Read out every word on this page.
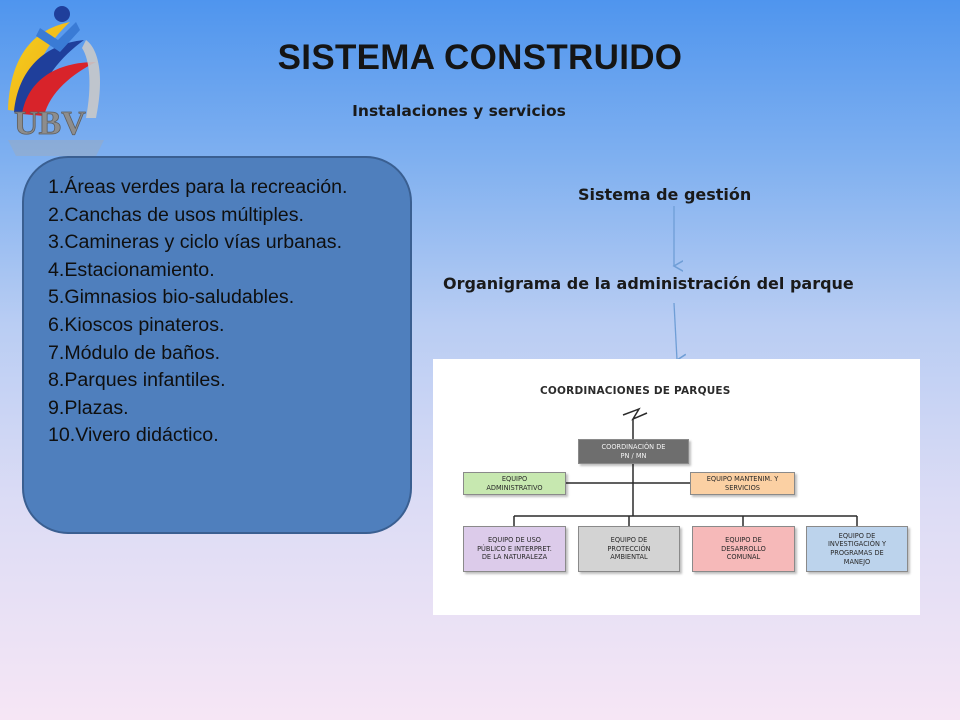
UBV
SISTEMA CONSTRUIDO
Instalaciones y servicios
1.Áreas verdes para la recreación.
2.Canchas de usos múltiples.
3.Camineras y ciclo vías urbanas.
4.Estacionamiento.
5.Gimnasios bio-saludables.
6.Kioscos pinateros.
7.Módulo de baños.
8.Parques infantiles.
9.Plazas.
10.Vivero didáctico.
Sistema de gestión
Organigrama de la administración del parque
COORDINACIONES DE PARQUES
COORDINACIÓN DE
PN / MN
EQUIPO
ADMINISTRATIVO
EQUIPO MANTENIM. Y
SERVICIOS
EQUIPO DE USO
PÚBLICO E INTERPRET.
DE LA NATURALEZA
EQUIPO DE
PROTECCIÓN
AMBIENTAL
EQUIPO DE
DESARROLLO
COMUNAL
EQUIPO DE
INVESTIGACIÓN Y
PROGRAMAS DE
MANEJO
